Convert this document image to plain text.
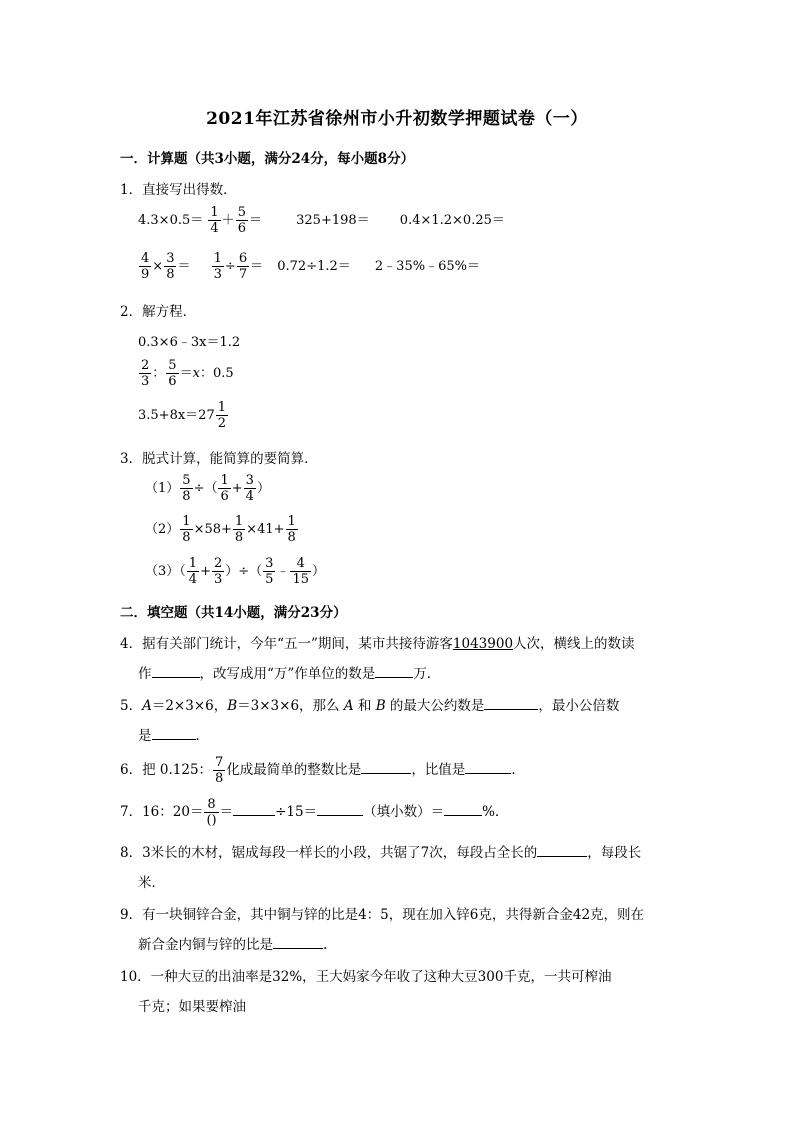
2021年江苏省徐州市小升初数学押题试卷（一）
一．计算题（共3小题，满分24分，每小题8分）
1．直接写出得数．
$4.3\times 0.5= \frac{1}{4} + \frac{5}{6}$ ＝	325+198＝ 0.4×1.2×0.25＝
$\frac{4}{9} \times \frac{3}{8} = \frac{1}{3} \div \frac{6}{7} = 0.72\div 1.2=$ 2﹣35%﹣65%＝
2．解方程．
0.3×6﹣3x＝1.2
$\frac{2}{3}$ ： $\frac{5}{6} =x$：0.5
$3.5+8x=27 \frac{1}{2}$
3．脱式计算，能简算的要简算．
$(1) \frac{5}{8}$ ÷（ $\frac{1}{6} + \frac{3}{4}$ ）
$(2) \frac{1}{8} \times 58+ \frac{1}{8} \times 41+ \frac{1}{8}$
$(3)( \frac{1}{4} + \frac{2}{3}$ ）÷（ $\frac{3}{5}$ ﹣ $\frac{4}{15}$ ）
二．填空题（共14小题，满分23分）
4．据有关部门统计，今年“五一”期间，某市共接待游客1043900人次，横线上的数读
作	，改写成用“万”作单位的数是	万．
5．A＝2×3×6，B＝3×3×6，那么 A 和 B 的最大公约数是	，最小公倍数
是	．
6．把 0.125： $\frac{7}{8}$ 化成最简单的整数比是	，比值是	．
7．16：$20= \frac{8}{()}$ ＝	÷15＝	（填小数）＝	%．
8．3米长的木材，锯成每段一样长的小段，共锯了7次，每段占全长的	，每段长
米．
9．有一块铜锌合金，其中铜与锌的比是4：5，现在加入锌6克，共得新合金42克，则在
新合金内铜与锌的比是	.
10．一种大豆的出油率是32%，王大妈家今年收了这种大豆300千克，一共可榨油
千克；如果要榨油
